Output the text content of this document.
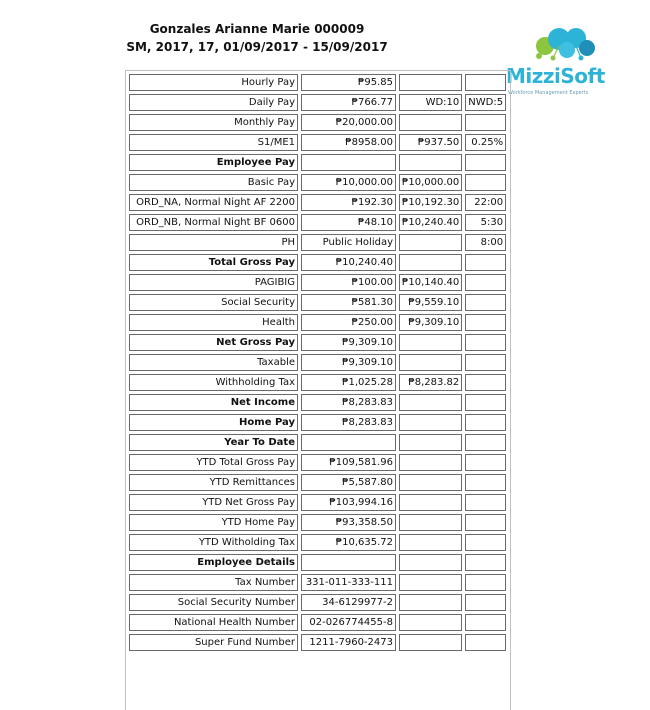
Gonzales Arianne Marie 000009
SM, 2017, 17, 01/09/2017 - 15/09/2017
MizziSoft
Workforce Management Experts
Hourly Pay	₱95.85		
Daily Pay	₱766.77	WD:10	NWD:5
Monthly Pay	₱20,000.00		
S1/ME1	₱8958.00	₱937.50	0.25%
Employee Pay			
Basic Pay	₱10,000.00	₱10,000.00	
ORD_NA, Normal Night AF 2200	₱192.30	₱10,192.30	22:00
ORD_NB, Normal Night BF 0600	₱48.10	₱10,240.40	5:30
PH	Public Holiday		8:00
Total Gross Pay	₱10,240.40		
PAGIBIG	₱100.00	₱10,140.40	
Social Security	₱581.30	₱9,559.10	
Health	₱250.00	₱9,309.10	
Net Gross Pay	₱9,309.10		
Taxable	₱9,309.10		
Withholding Tax	₱1,025.28	₱8,283.82	
Net Income	₱8,283.83		
Home Pay	₱8,283.83		
Year To Date			
YTD Total Gross Pay	₱109,581.96		
YTD Remittances	₱5,587.80		
YTD Net Gross Pay	₱103,994.16		
YTD Home Pay	₱93,358.50		
YTD Witholding Tax	₱10,635.72		
Employee Details			
Tax Number	331-011-333-111		
Social Security Number	34-6129977-2		
National Health Number	02-026774455-8		
Super Fund Number	1211-7960-2473		
